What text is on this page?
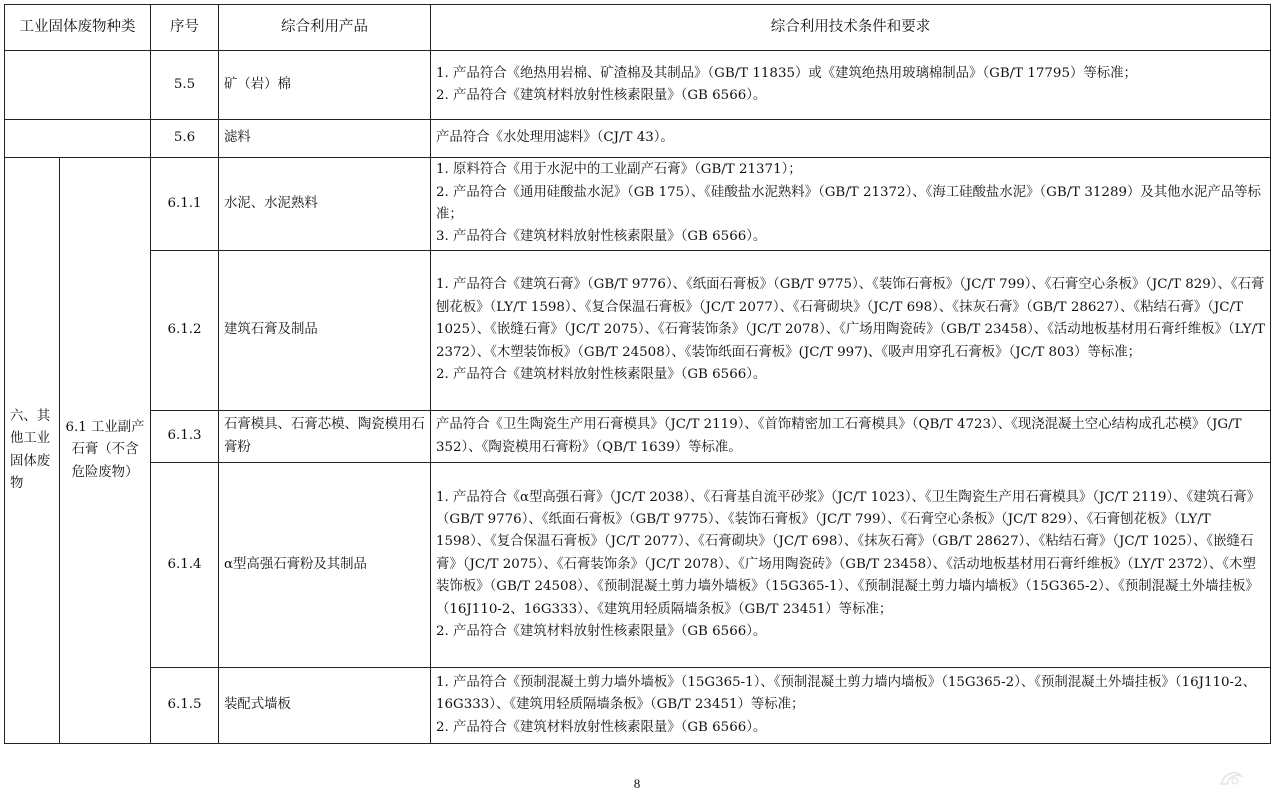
工业固体废物种类		序号	综合利用产品	综合利用技术条件和要求
		5.5	矿（岩）棉	1. 产品符合《绝热用岩棉、矿渣棉及其制品》（GB/T 11835）或《建筑绝热用玻璃棉制品》（GB/T 17795）等标准；
2. 产品符合《建筑材料放射性核素限量》（GB 6566）。

		5.6	滤料	产品符合《水处理用滤料》（CJ/T 43）。

六、其他工业固体废物	6.1 工业副产石膏（不含危险废物）	6.1.1	水泥、水泥熟料	1. 原料符合《用于水泥中的工业副产石膏》（GB/T 21371）；
2. 产品符合《通用硅酸盐水泥》（GB 175）、《硅酸盐水泥熟料》（GB/T 21372）、《海工硅酸盐水泥》（GB/T 31289）及其他水泥产品等标准；
3. 产品符合《建筑材料放射性核素限量》（GB 6566）。

		6.1.2	建筑石膏及制品	1. 产品符合《建筑石膏》（GB/T 9776）、《纸面石膏板》（GB/T 9775）、《装饰石膏板》（JC/T 799）、《石膏空心条板》（JC/T 829）、《石膏刨花板》（LY/T 1598）、《复合保温石膏板》（JC/T 2077）、《石膏砌块》（JC/T 698）、《抹灰石膏》（GB/T 28627）、《粘结石膏》（JC/T 1025）、《嵌缝石膏》（JC/T 2075）、《石膏装饰条》（JC/T 2078）、《广场用陶瓷砖》（GB/T 23458）、《活动地板基材用石膏纤维板》（LY/T 2372）、《木塑装饰板》（GB/T 24508）、《装饰纸面石膏板》(JC/T 997)、《吸声用穿孔石膏板》（JC/T 803）等标准；
2. 产品符合《建筑材料放射性核素限量》（GB 6566）。

		6.1.3	石膏模具、石膏芯模、陶瓷模用石膏粉	产品符合《卫生陶瓷生产用石膏模具》（JC/T 2119）、《首饰精密加工石膏模具》（QB/T 4723）、《现浇混凝土空心结构成孔芯模》（JG/T 352）、《陶瓷模用石膏粉》（QB/T 1639）等标准。

		6.1.4	α型高强石膏粉及其制品	1. 产品符合《α型高强石膏》（JC/T 2038）、《石膏基自流平砂浆》（JC/T 1023）、《卫生陶瓷生产用石膏模具》（JC/T 2119）、《建筑石膏》（GB/T 9776）、《纸面石膏板》（GB/T 9775）、《装饰石膏板》（JC/T 799）、《石膏空心条板》（JC/T 829）、《石膏刨花板》（LY/T 1598）、《复合保温石膏板》（JC/T 2077）、《石膏砌块》（JC/T 698）、《抹灰石膏》（GB/T 28627）、《粘结石膏》（JC/T 1025）、《嵌缝石膏》（JC/T 2075）、《石膏装饰条》（JC/T 2078）、《广场用陶瓷砖》（GB/T 23458）、《活动地板基材用石膏纤维板》（LY/T 2372）、《木塑装饰板》（GB/T 24508）、《预制混凝土剪力墙外墙板》（15G365-1）、《预制混凝土剪力墙内墙板》（15G365-2）、《预制混凝土外墙挂板》（16J110-2、16G333）、《建筑用轻质隔墙条板》（GB/T 23451）等标准；
2. 产品符合《建筑材料放射性核素限量》（GB 6566）。

		6.1.5	装配式墙板	1. 产品符合《预制混凝土剪力墙外墙板》（15G365-1）、《预制混凝土剪力墙内墙板》（15G365-2）、《预制混凝土外墙挂板》（16J110-2、16G333）、《建筑用轻质隔墙条板》（GB/T 23451）等标准；
2. 产品符合《建筑材料放射性核素限量》（GB 6566）。
8
